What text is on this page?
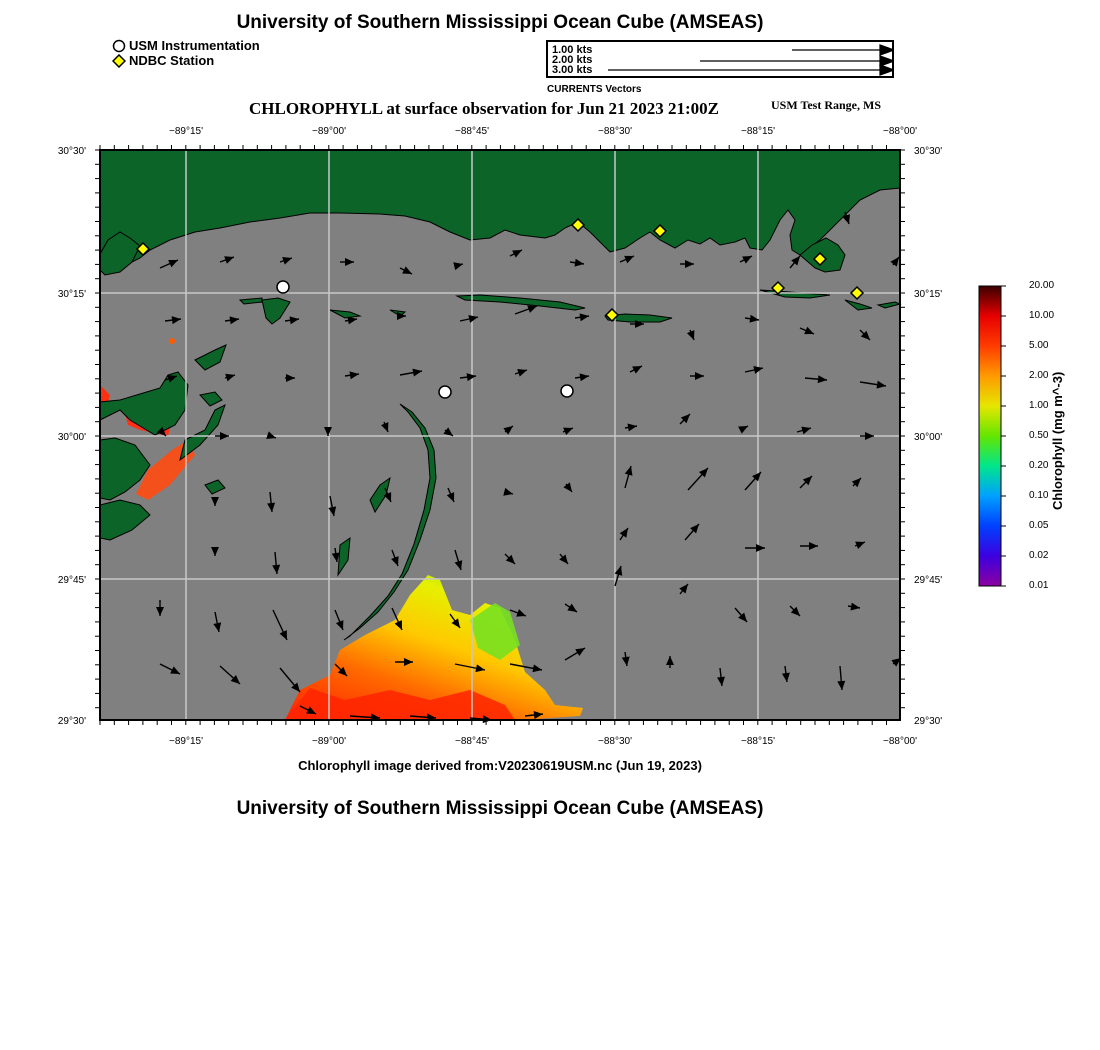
University of Southern Mississippi Ocean Cube (AMSEAS)
USM Instrumentation
NDBC Station
1.00 kts
2.00 kts
3.00 kts
CURRENTS Vectors
CHLOROPHYLL at surface observation for Jun 21 2023 21:00Z	USM Test Range, MS
−89°15'	−89°00'	−88°45'	−88°30'	−88°15'	−88°00'
−89°15'	−89°00'	−88°45'	−88°30'	−88°15'	−88°00'
30°30'
30°15'
30°00'
29°45'
29°30'
30°30'
30°15'
30°00'
29°45'
29°30'
20.00
10.00
5.00
2.00
1.00
0.50
0.20
0.10
0.05
0.02
0.01
Chlorophyll (mg m^-3)
Chlorophyll image derived from:V20230619USM.nc (Jun 19, 2023)
University of Southern Mississippi Ocean Cube (AMSEAS)
